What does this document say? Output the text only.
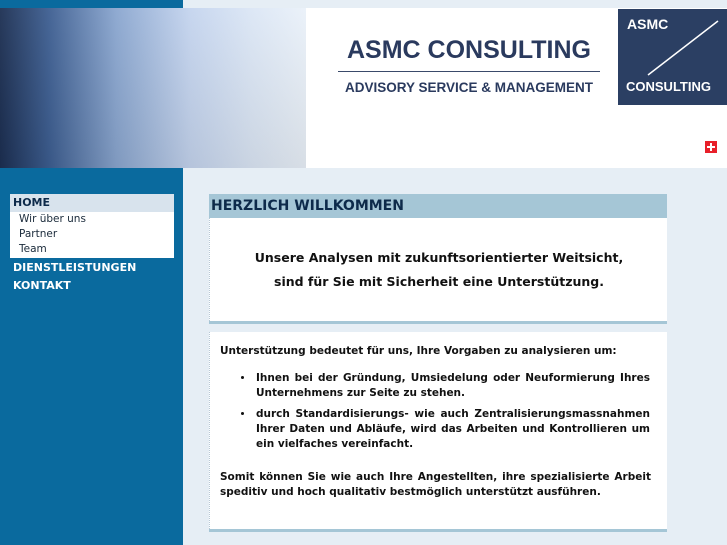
ASMC CONSULTING
ADVISORY SERVICE & MANAGEMENT
ASMC
CONSULTING
HOME
Wir über uns
Partner
Team
DIENSTLEISTUNGEN
KONTAKT
HERZLICH WILLKOMMEN
Unsere Analysen mit zukunftsorientierter Weitsicht,
sind für Sie mit Sicherheit eine Unterstützung.
Unterstützung bedeutet für uns, Ihre Vorgaben zu analysieren um:
• Ihnen bei der Gründung, Umsiedelung oder Neuformierung Ihres Unternehmens zur Seite zu stehen.
• durch Standardisierungs- wie auch Zentralisierungsmassnahmen Ihrer Daten und Abläufe, wird das Arbeiten und Kontrollieren um ein vielfaches vereinfacht.
Somit können Sie wie auch Ihre Angestellten, ihre spezialisierte Arbeit speditiv und hoch qualitativ bestmöglich unterstützt ausführen.
